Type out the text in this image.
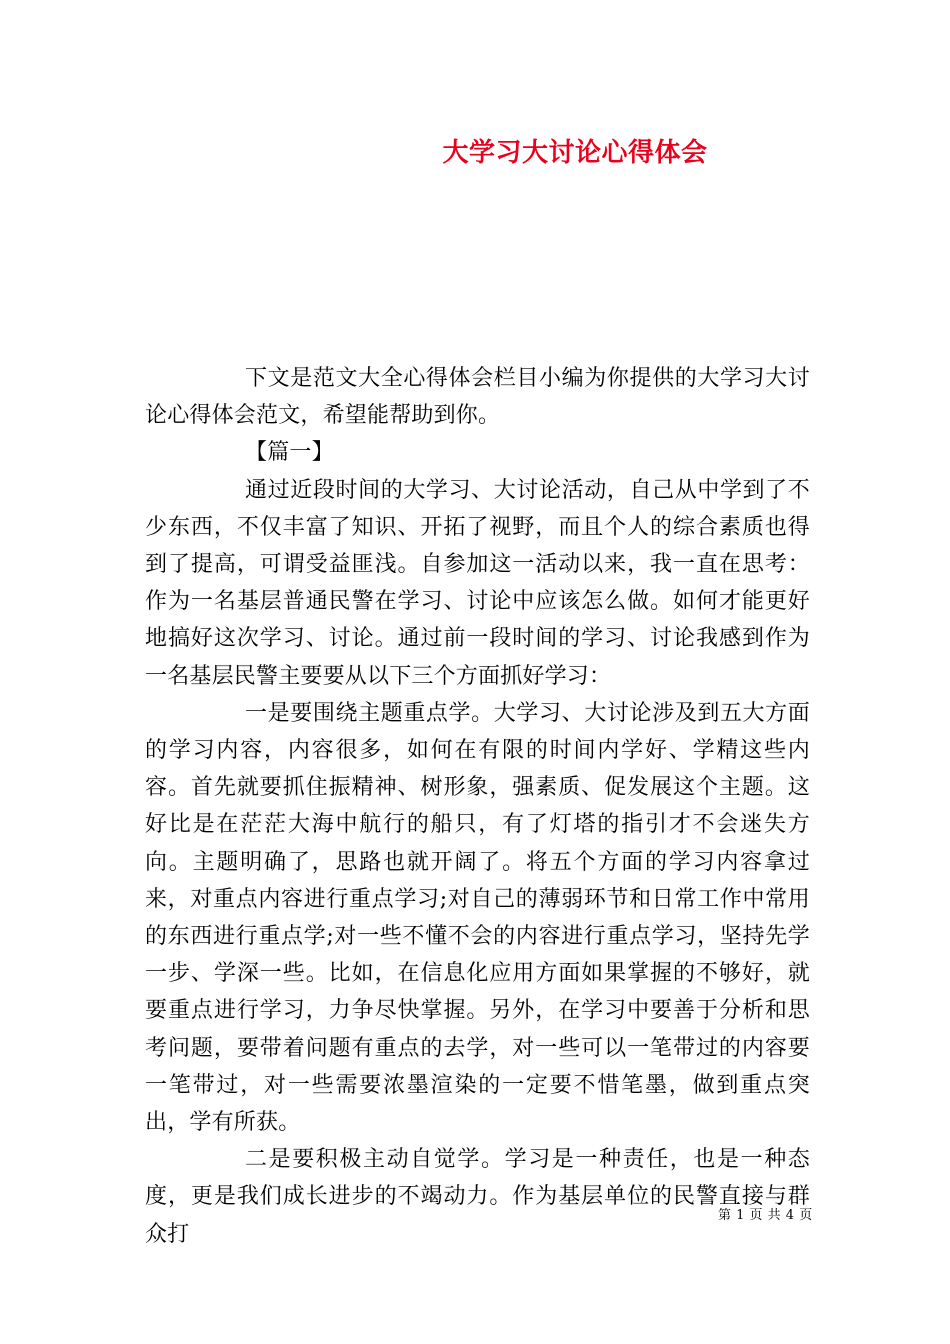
大学习大讨论心得体会

下文是范文大全心得体会栏目小编为你提供的大学习大讨论心得体会范文，希望能帮助到你。

【篇一】

通过近段时间的大学习、大讨论活动，自己从中学到了不少东西，不仅丰富了知识、开拓了视野，而且个人的综合素质也得到了提高，可谓受益匪浅。自参加这一活动以来，我一直在思考：作为一名基层普通民警在学习、讨论中应该怎么做。如何才能更好地搞好这次学习、讨论。通过前一段时间的学习、讨论我感到作为一名基层民警主要要从以下三个方面抓好学习：

一是要围绕主题重点学。大学习、大讨论涉及到五大方面的学习内容，内容很多，如何在有限的时间内学好、学精这些内容。首先就要抓住振精神、树形象，强素质、促发展这个主题。这好比是在茫茫大海中航行的船只，有了灯塔的指引才不会迷失方向。主题明确了，思路也就开阔了。将五个方面的学习内容拿过来，对重点内容进行重点学习;对自己的薄弱环节和日常工作中常用的东西进行重点学;对一些不懂不会的内容进行重点学习，坚持先学一步、学深一些。比如，在信息化应用方面如果掌握的不够好，就要重点进行学习，力争尽快掌握。另外，在学习中要善于分析和思考问题，要带着问题有重点的去学，对一些可以一笔带过的内容要一笔带过，对一些需要浓墨渲染的一定要不惜笔墨，做到重点突出，学有所获。

二是要积极主动自觉学。学习是一种责任，也是一种态度，更是我们成长进步的不竭动力。作为基层单位的民警直接与群众打

第 1 页 共 4 页
